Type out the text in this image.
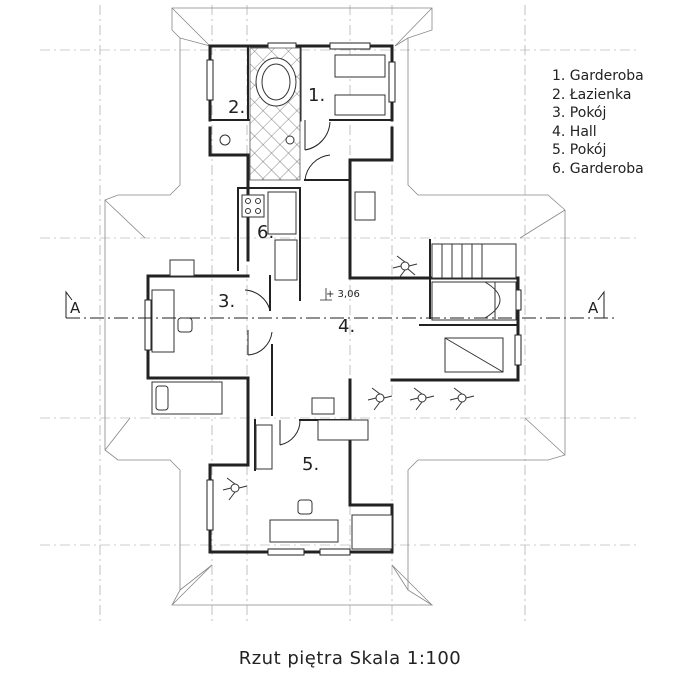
A	A
+ 3,06
1.
2.
3.
4.
5.
6.
1. Garderoba
2. Łazienka
3. Pokój
4. Hall
5. Pokój
6. Garderoba
Rzut piętra Skala 1:100
